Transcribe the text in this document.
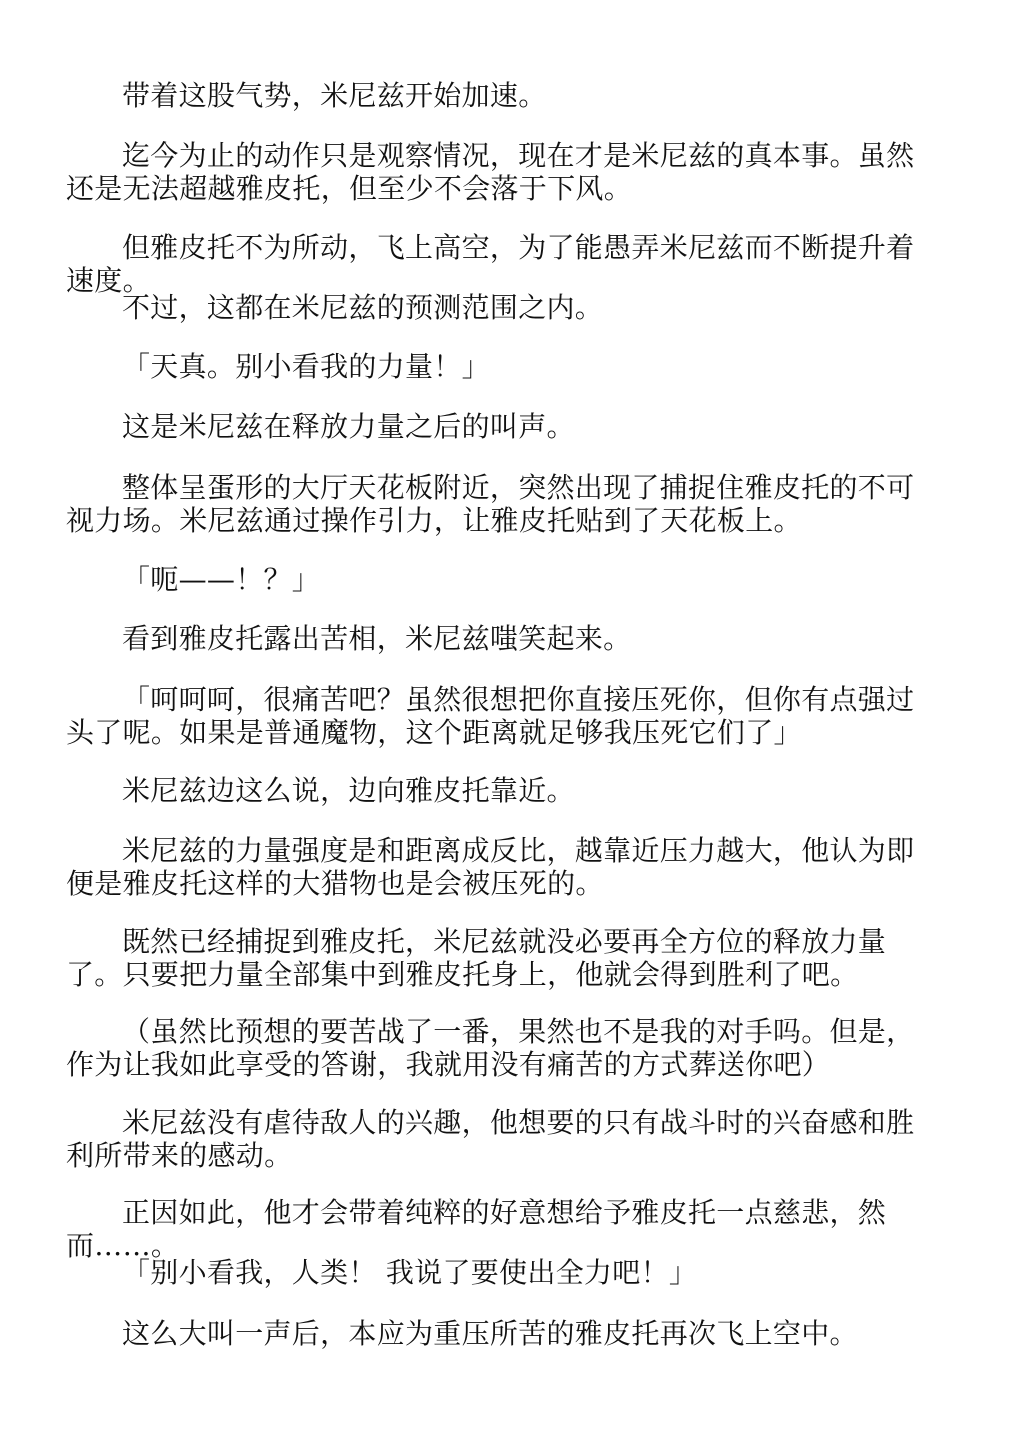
带着这股气势，米尼兹开始加速。

迄今为止的动作只是观察情况，现在才是米尼兹的真本事。虽然还是无法超越雅皮托，但至少不会落于下风。

但雅皮托不为所动，飞上高空，为了能愚弄米尼兹而不断提升着速度。

不过，这都在米尼兹的预测范围之内。

「天真。别小看我的力量！」

这是米尼兹在释放力量之后的叫声。

整体呈蛋形的大厅天花板附近，突然出现了捕捉住雅皮托的不可视力场。米尼兹通过操作引力，让雅皮托贴到了天花板上。

「呃——！？」

看到雅皮托露出苦相，米尼兹嗤笑起来。

「呵呵呵，很痛苦吧？虽然很想把你直接压死你，但你有点强过头了呢。如果是普通魔物，这个距离就足够我压死它们了」

米尼兹边这么说，边向雅皮托靠近。

米尼兹的力量强度是和距离成反比，越靠近压力越大，他认为即便是雅皮托这样的大猎物也是会被压死的。

既然已经捕捉到雅皮托，米尼兹就没必要再全方位的释放力量了。只要把力量全部集中到雅皮托身上，他就会得到胜利了吧。

（虽然比预想的要苦战了一番，果然也不是我的对手吗。但是，作为让我如此享受的答谢，我就用没有痛苦的方式葬送你吧）

米尼兹没有虐待敌人的兴趣，他想要的只有战斗时的兴奋感和胜利所带来的感动。

正因如此，他才会带着纯粹的好意想给予雅皮托一点慈悲，然而……。

「别小看我，人类！ 我说了要使出全力吧！」

这么大叫一声后，本应为重压所苦的雅皮托再次飞上空中。
